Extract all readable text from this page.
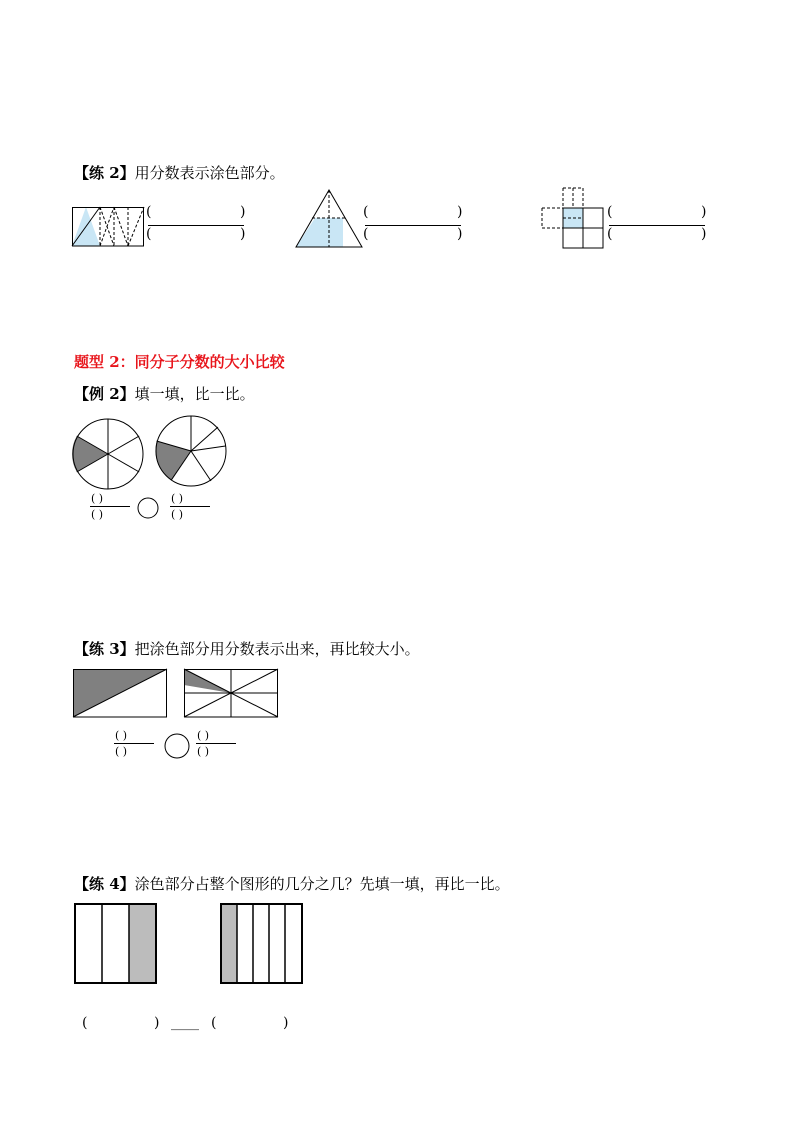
【练 2】用分数表示涂色部分。
(	)
(	)
(	)
(	)
(	)
(	)
题型 2：同分子分数的大小比较
【例 2】填一填，比一比。
( )
( )
( )
( )
【练 3】把涂色部分用分数表示出来，再比较大小。
( )
( )
( )
( )
【练 4】涂色部分占整个图形的几分之几？先填一填，再比一比。
(	) ____ (	)
